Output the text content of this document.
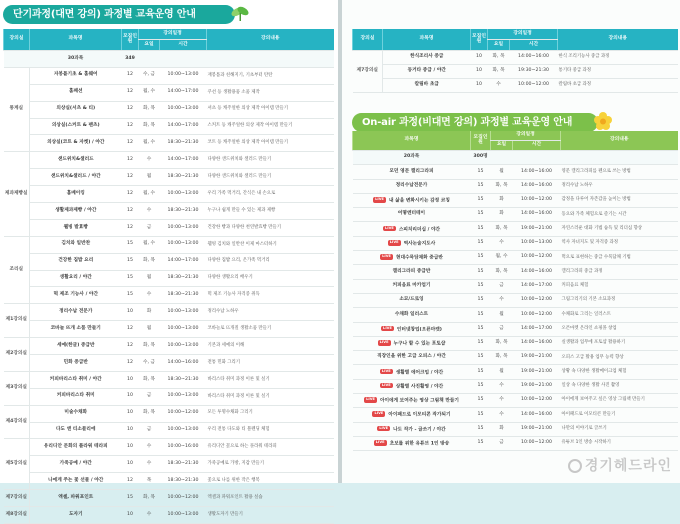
단기과정(대면 강의) 과정별 교육운영 안내
강의실	과목명	모집인원	강의일정		강의내용
			요일	시간	
	30과목	349			
통계실	자봉틀기초 & 홈웨어	12	수, 금	10:00~13:00	재봉틀과 친해지기, 기초부터 탄탄
	홈패션	12	월, 수	14:00~17:00	쿠션 등 생활용품 소품 제작
	의상실(서츠 & 티)	12	화, 목	10:00~13:00	셔츠 등 캐주얼한 의상 제작 아이템 만들기
	의상실(스커트 & 팬츠)	12	화, 목	14:00~17:00	스커트 등 캐주얼한 의상 제작 아이템 만들기
	의상실(코트 & 자켓) / 야간	12	월, 수	18:30~21:30	코트 등 캐주얼한 의상 제작 아이템 만들기
제과제빵실	샌드위치&샐러드	12	수	14:00~17:00	다양한 샌드위치와 샐러드 만들기
	샌드위치&샐러드 / 야간	12	월	18:30~21:30	다양한 샌드위치와 샐러드 만들기
	홈베이킹	12	월, 수	10:00~13:00	우리 가족 먹거리, 간식은 내 손으로
	생활제과제빵 / 야간	12	수	18:30~21:30	누구나 쉽게 만들 수 있는 제과 제빵
	웰빙 발효빵	12	금	10:00~13:00	건강한 빵과 다양한 천연발효빵 만들기
조리실	김치와 일반찬	15	월, 수	10:00~13:00	웰빙 김치와 일반찬 이제 마스터하기
	건강한 집밥 요리	15	화, 목	14:00~17:00	다양한 집밥 요리, 온가족 먹거리
	생활요리 / 야간	15	월	18:30~21:30	다양한 생활요리 배우기
	떡 제조 기능사 / 야간	15	수	18:30~21:30	떡 제조 기능사 자격증 취득
제1강의실	정리수납 전문가	10	화	10:00~13:00	정리수납 노하우
	코바늘 뜨개 소품 만들기	12	월	10:00~13:00	코바늘로 뜨개질 생활소품 만들기
제2강의실	세예(한글) 중급반	12	화, 목	10:00~13:00	기본과 세예의 이해
	민화 중급반	12	수, 금	14:00~16:00	전통 민화 그리기
제3강의실	커피바리스타 취미 / 야간	10	화, 목	18:30~21:30	바리스타 취미 과정 이론 및 실기
	커피바리스타 취미	10	금	10:00~13:00	바리스타 취미 과정 이론 및 실기
제4강의실	미술수채화	10	화, 목	10:00~12:00	모든 투명수채화 그리기
	다도 앤 티소믈리에	10	금	10:00~13:00	우리 전통 다도와 티 블렌딩 체험
제5강의실	유리디안 문화의 플라워 테라피	10	수	10:00~16:00	유리디안 꽃으로 하는 플라워 테라피
	가죽공예 / 야간	10	수	18:30~21:30	가죽공예로 가방, 지갑 만들기
	나에게 주는 꽃 선물 / 야간	12	목	18:30~21:30	꽃으로 나를 위한 작은 행복
제7강의실	엑셀, 파워포인트	15	화, 목	10:00~12:00	엑셀과 파워포인트 활용 실습
제8강의실	도자기	10	수	10:00~13:00	생활도자기 만들기
강의실	과목명	모집인원	강의일정		강의내용
			요일	시간	
제7강의실	한식조리사 중급	10	화, 목	14:00~16:00	한식 조리기능사 중급 과정
	동거타 중급 / 야간	10	화, 목	19:30~21:30	통기타 중급 과정
	칼림바 초급	10	수	10:00~12:00	칼림바 초급 과정
On-air 과정(비대면 강의) 과정별 교육운영 안내
과목명	모집인원	강의일정		강의내용
		요일	시간	
20과목	300명			
모던 영문 캘리그라피	15	월	14:00~16:00	영문 캘리그라피를 펜으로 쓰는 방법
정리수납전문가	15	화, 목	14:00~16:00	정리수납 노하우
LIVE 내 삶을 변화시키는 감정 코칭	15	화	10:00~12:00	감정을 다루어 자존감을 높이는 방법
어떻엔터테이	15	화	14:00~16:00	동요와 가족 체험으로 즐기는 시간
LIVE 스피치리더십 / 야간	15	화, 목	19:00~21:00	자연스러운 대화 기법 습득 및 리더십 향상
LIVE 역사논술지도사	15	수	10:00~13:00	역사 자녀지도 및 자격증 과정
LIVE 현대수묵담채화 중급반	15	월, 수	10:00~12:00	먹으로 표현하는 중급 수묵담채 기법
캘리그라피 중급반	15	화, 목	14:00~16:00	캘리그라피 중급 과정
커피음료 마카업기	15	금	14:00~17:00	커피음료 체험
소묘/드로잉	15	수	10:00~12:00	그림그리기의 기본 소묘과정
수채화 일러스트	15	월	10:00~12:00	수채화로 그리는 일러스트
LIVE 인터넷창업(오픈마켓)	15	금	14:00~17:00	오픈마켓 온라인 쇼핑몰 창업
LIVE 누구나 할 수 있는 포토샵	15	화, 목	14:00~16:00	실생활과 업무에 포토샵 활용하기
직장인을 위한 고급 오피스 / 야간	15	화, 목	19:00~21:00	오피스 고급 활용 업무 능력 향상
LIVE 생활별 에어크업 / 야간	15	월	19:00~21:00	상황 속 다양한 생활메이크업 체험
LIVE 상활별 사진활영 / 야간	15	수	19:00~21:00	일상 속 다양한 생활 사진 촬영
LIVE 아이에게 보여주는 영상 그림책 만들기	15	수	10:00~12:00	아이에게 보여주고 싶은 영상 그림책 만들기
LIVE 아이패드로 이모티콘 작가되기	15	수	14:00~16:00	아이패드로 이모티콘 만들기
LIVE 나도 작가 - 글쓰기 / 야간	15	화	19:00~21:00	나만의 이야기로 글쓰기
LIVE 초보를 위한 유튜브 1인 방송	15	금	10:00~12:00	유튜브 1인 방송 시작하기
경기헤드라인
